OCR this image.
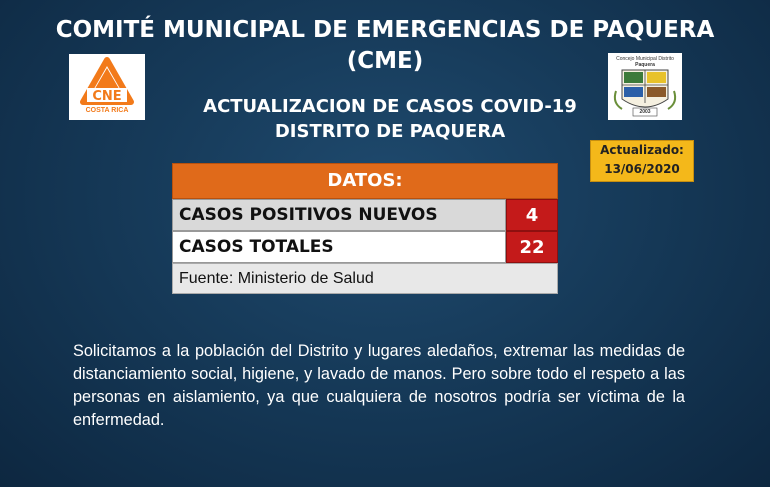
COMITÉ MUNICIPAL DE EMERGENCIAS DE PAQUERA
(CME)
CNE
COSTA RICA
Concejo Municipal Distrito
Paquera
2003
ACTUALIZACION DE CASOS COVID-19
DISTRITO DE PAQUERA
Actualizado:
13/06/2020
DATOS:
CASOS POSITIVOS NUEVOS	4
CASOS TOTALES	22
Fuente: Ministerio de Salud
Solicitamos a la población del Distrito y lugares aledaños, extremar las medidas de distanciamiento social, higiene, y lavado de manos. Pero sobre todo el respeto a las personas en aislamiento, ya que cualquiera de nosotros podría ser víctima de la enfermedad.
